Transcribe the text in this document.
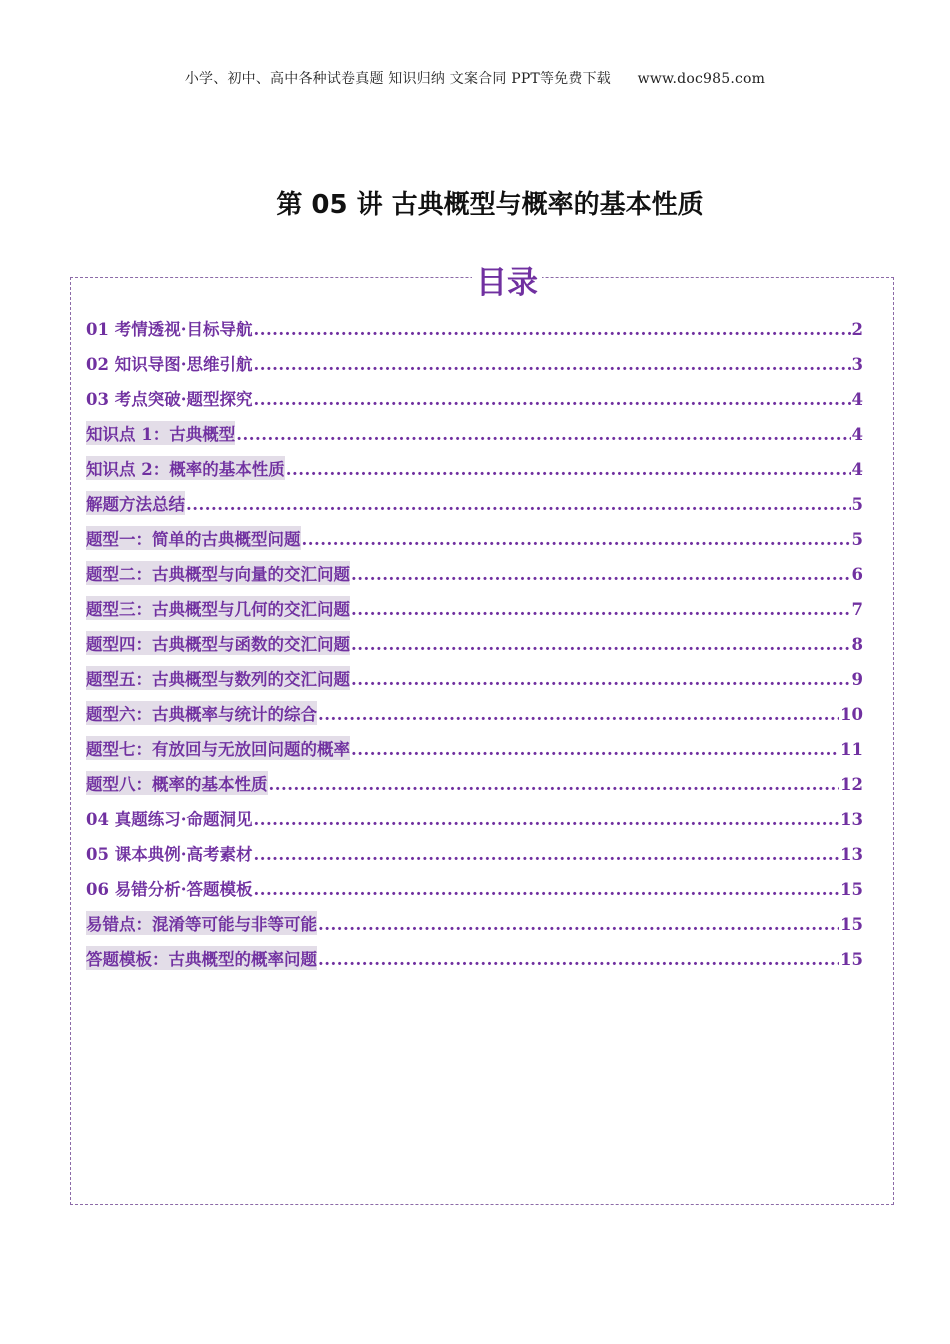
小学、初中、高中各种试卷真题 知识归纳 文案合同 PPT等免费下载 www.doc985.com
第 05 讲 古典概型与概率的基本性质
目录
01 考情透视·目标导航 .....	2
02 知识导图·思维引航 .....	3
03 考点突破·题型探究 .....	4
知识点 1：古典概型 .....	4
知识点 2：概率的基本性质 .....	4
解题方法总结 .....	5
题型一：简单的古典概型问题 .....	5
题型二：古典概型与向量的交汇问题 .....	6
题型三：古典概型与几何的交汇问题 .....	7
题型四：古典概型与函数的交汇问题 .....	8
题型五：古典概型与数列的交汇问题 .....	9
题型六：古典概率与统计的综合 .....	10
题型七：有放回与无放回问题的概率 .....	11
题型八：概率的基本性质 .....	12
04 真题练习·命题洞见 .....	13
05 课本典例·高考素材 .....	13
06 易错分析·答题模板 .....	15
易错点：混淆等可能与非等可能 .....	15
答题模板：古典概型的概率问题 .....	15
